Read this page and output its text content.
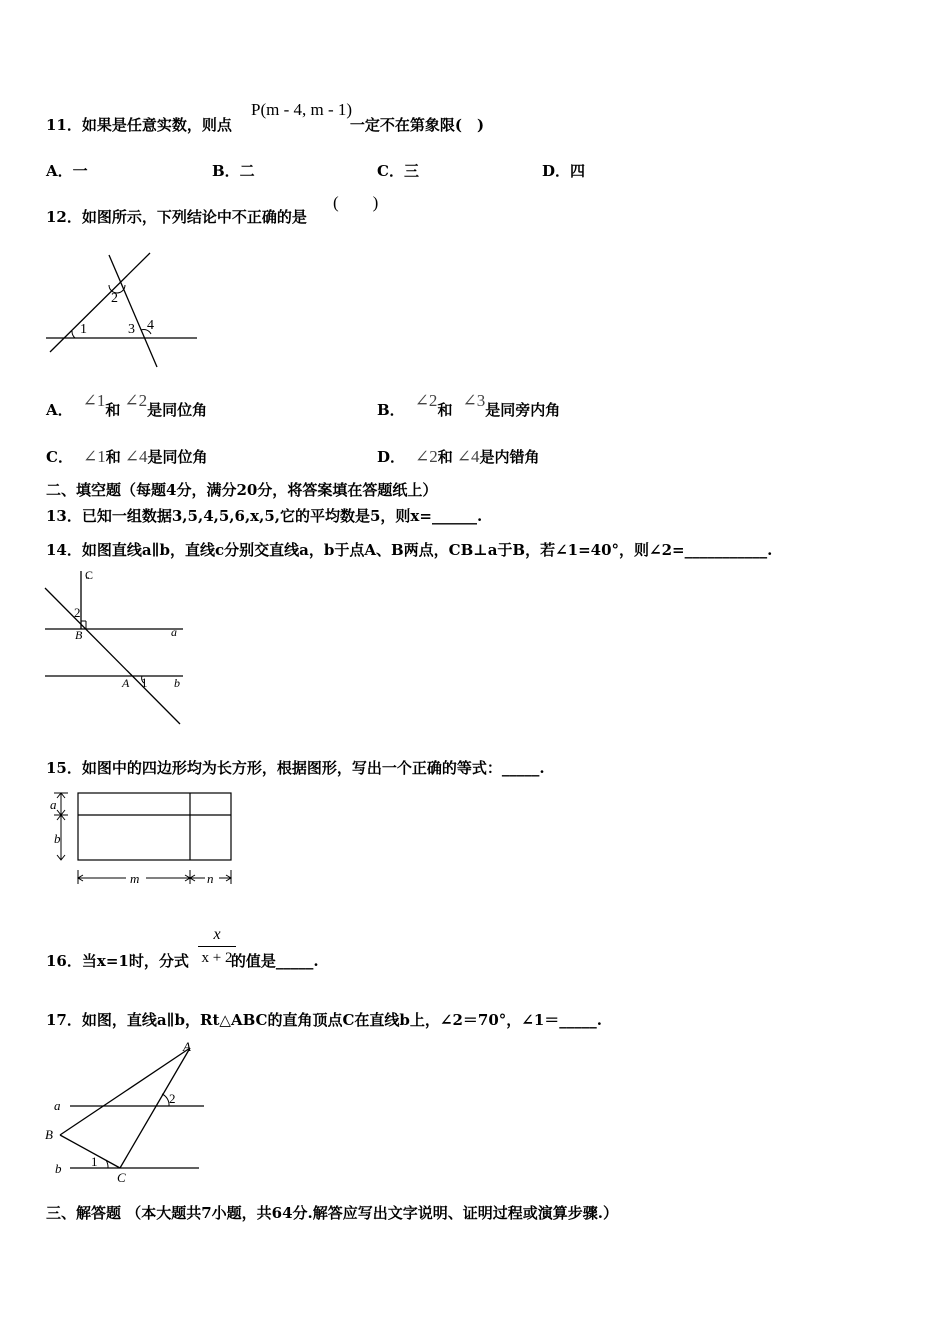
11．如果是任意实数，则点	一定不在第象限(　)
P(m - 4, m - 1)
A．一	B．二	C．三	D．四
12．如图所示，下列结论中不正确的是
(　　)
1
2
3 4
A． ∠1和 ∠2是同位角	B． ∠2和 ∠3是同旁内角
C． ∠1和 ∠4是同位角	D． ∠2和 ∠4是内错角
二、填空题（每题4分，满分20分，将答案填在答题纸上）
13．已知一组数据3,5,4,5,6,x,5,它的平均数是5，则x=______.
14．如图直线a∥b，直线c分别交直线a，b于点A、B两点，CB⊥a于B，若∠1=40°，则∠2=___________.
C
2
B	a
A 1 b
15．如图中的四边形均为长方形，根据图形，写出一个正确的等式：_____.
a
b
m	n
16．当x=1时，分式	的值是_____.
x
x + 2
17．如图，直线a∥b，Rt△ABC的直角顶点C在直线b上，∠2＝70°，∠1＝_____.
A
2
a
B
b 1
C
三、解答题 （本大题共7小题，共64分.解答应写出文字说明、证明过程或演算步骤.）
